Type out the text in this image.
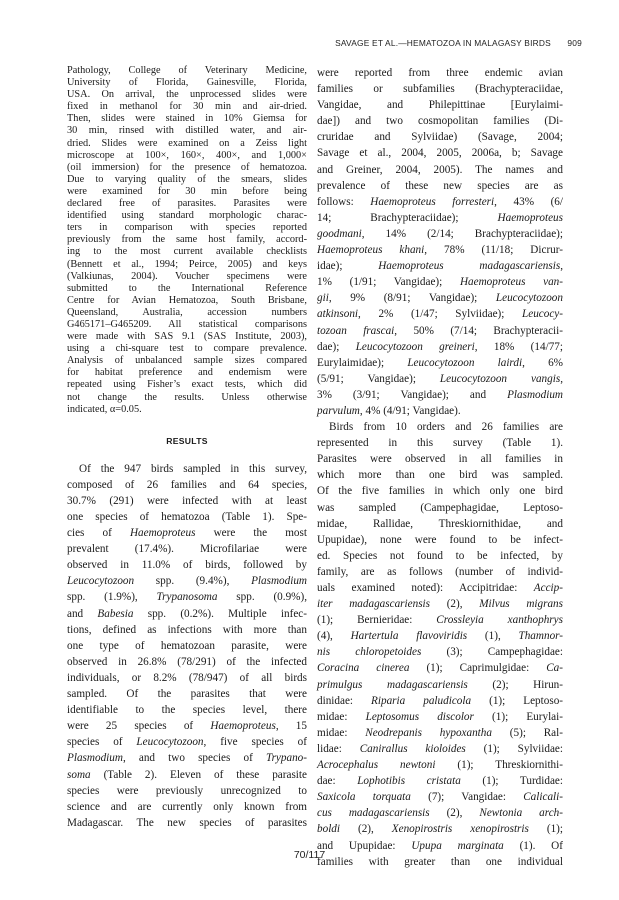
SAVAGE ET AL.—HEMATOZOA IN MALAGASY BIRDS 909
Pathology, College of Veterinary Medicine,
University of Florida, Gainesville, Florida,
USA. On arrival, the unprocessed slides were
fixed in methanol for 30 min and air-dried.
Then, slides were stained in 10% Giemsa for
30 min, rinsed with distilled water, and air-
dried. Slides were examined on a Zeiss light
microscope at 100×, 160×, 400×, and 1,000×
(oil immersion) for the presence of hematozoa.
Due to varying quality of the smears, slides
were examined for 30 min before being
declared free of parasites. Parasites were
identified using standard morphologic charac-
ters in comparison with species reported
previously from the same host family, accord-
ing to the most current available checklists
(Bennett et al., 1994; Peirce, 2005) and keys
(Valkiunas, 2004). Voucher specimens were
submitted to the International Reference
Centre for Avian Hematozoa, South Brisbane,
Queensland, Australia, accession numbers
G465171–G465209. All statistical comparisons
were made with SAS 9.1 (SAS Institute, 2003),
using a chi-square test to compare prevalence.
Analysis of unbalanced sample sizes compared
for habitat preference and endemism were
repeated using Fisher’s exact tests, which did
not change the results. Unless otherwise
indicated, α=0.05.
RESULTS
Of the 947 birds sampled in this survey,
composed of 26 families and 64 species,
30.7% (291) were infected with at least
one species of hematozoa (Table 1). Spe-
cies of Haemoproteus were the most
prevalent (17.4%). Microfilariae were
observed in 11.0% of birds, followed by
Leucocytozoon spp. (9.4%), Plasmodium
spp. (1.9%), Trypanosoma spp. (0.9%),
and Babesia spp. (0.2%). Multiple infec-
tions, defined as infections with more than
one type of hematozoan parasite, were
observed in 26.8% (78/291) of the infected
individuals, or 8.2% (78/947) of all birds
sampled. Of the parasites that were
identifiable to the species level, there
were 25 species of Haemoproteus, 15
species of Leucocytozoon, five species of
Plasmodium, and two species of Trypano-
soma (Table 2). Eleven of these parasite
species were previously unrecognized to
science and are currently only known from
Madagascar. The new species of parasites
were reported from three endemic avian
families or subfamilies (Brachypteraciidae,
Vangidae, and Philepittinae [Eurylaimi-
dae]) and two cosmopolitan families (Di-
cruridae and Sylviidae) (Savage, 2004;
Savage et al., 2004, 2005, 2006a, b; Savage
and Greiner, 2004, 2005). The names and
prevalence of these new species are as
follows: Haemoproteus forresteri, 43% (6/
14; Brachypteraciidae); Haemoproteus
goodmani, 14% (2/14; Brachypteraciidae);
Haemoproteus khani, 78% (11/18; Dicrur-
idae); Haemoproteus madagascariensis,
1% (1/91; Vangidae); Haemoproteus van-
gii, 9% (8/91; Vangidae); Leucocytozoon
atkinsoni, 2% (1/47; Sylviidae); Leucocy-
tozoan frascai, 50% (7/14; Brachypteracii-
dae); Leucocytozoon greineri, 18% (14/77;
Eurylaimidae); Leucocytozoon lairdi, 6%
(5/91; Vangidae); Leucocytozoon vangis,
3% (3/91; Vangidae); and Plasmodium
parvulum, 4% (4/91; Vangidae).
Birds from 10 orders and 26 families are
represented in this survey (Table 1).
Parasites were observed in all families in
which more than one bird was sampled.
Of the five families in which only one bird
was sampled (Campephagidae, Leptoso-
midae, Rallidae, Threskiornithidae, and
Upupidae), none were found to be infect-
ed. Species not found to be infected, by
family, are as follows (number of individ-
uals examined noted): Accipitridae: Accip-
iter madagascariensis (2), Milvus migrans
(1); Bernieridae: Crossleyia xanthophrys
(4), Hartertula flavoviridis (1), Thamnor-
nis chloropetoides (3); Campephagidae:
Coracina cinerea (1); Caprimulgidae: Ca-
primulgus madagascariensis (2); Hirun-
dinidae: Riparia paludicola (1); Leptoso-
midae: Leptosomus discolor (1); Eurylai-
midae: Neodrepanis hypoxantha (5); Ral-
lidae: Canirallus kioloides (1); Sylviidae:
Acrocephalus newtoni (1); Threskiornithi-
dae: Lophotibis cristata (1); Turdidae:
Saxicola torquata (7); Vangidae: Calicali-
cus madagascariensis (2), Newtonia arch-
boldi (2), Xenopirostris xenopirostris (1);
and Upupidae: Upupa marginata (1). Of
families with greater than one individual
70/117
